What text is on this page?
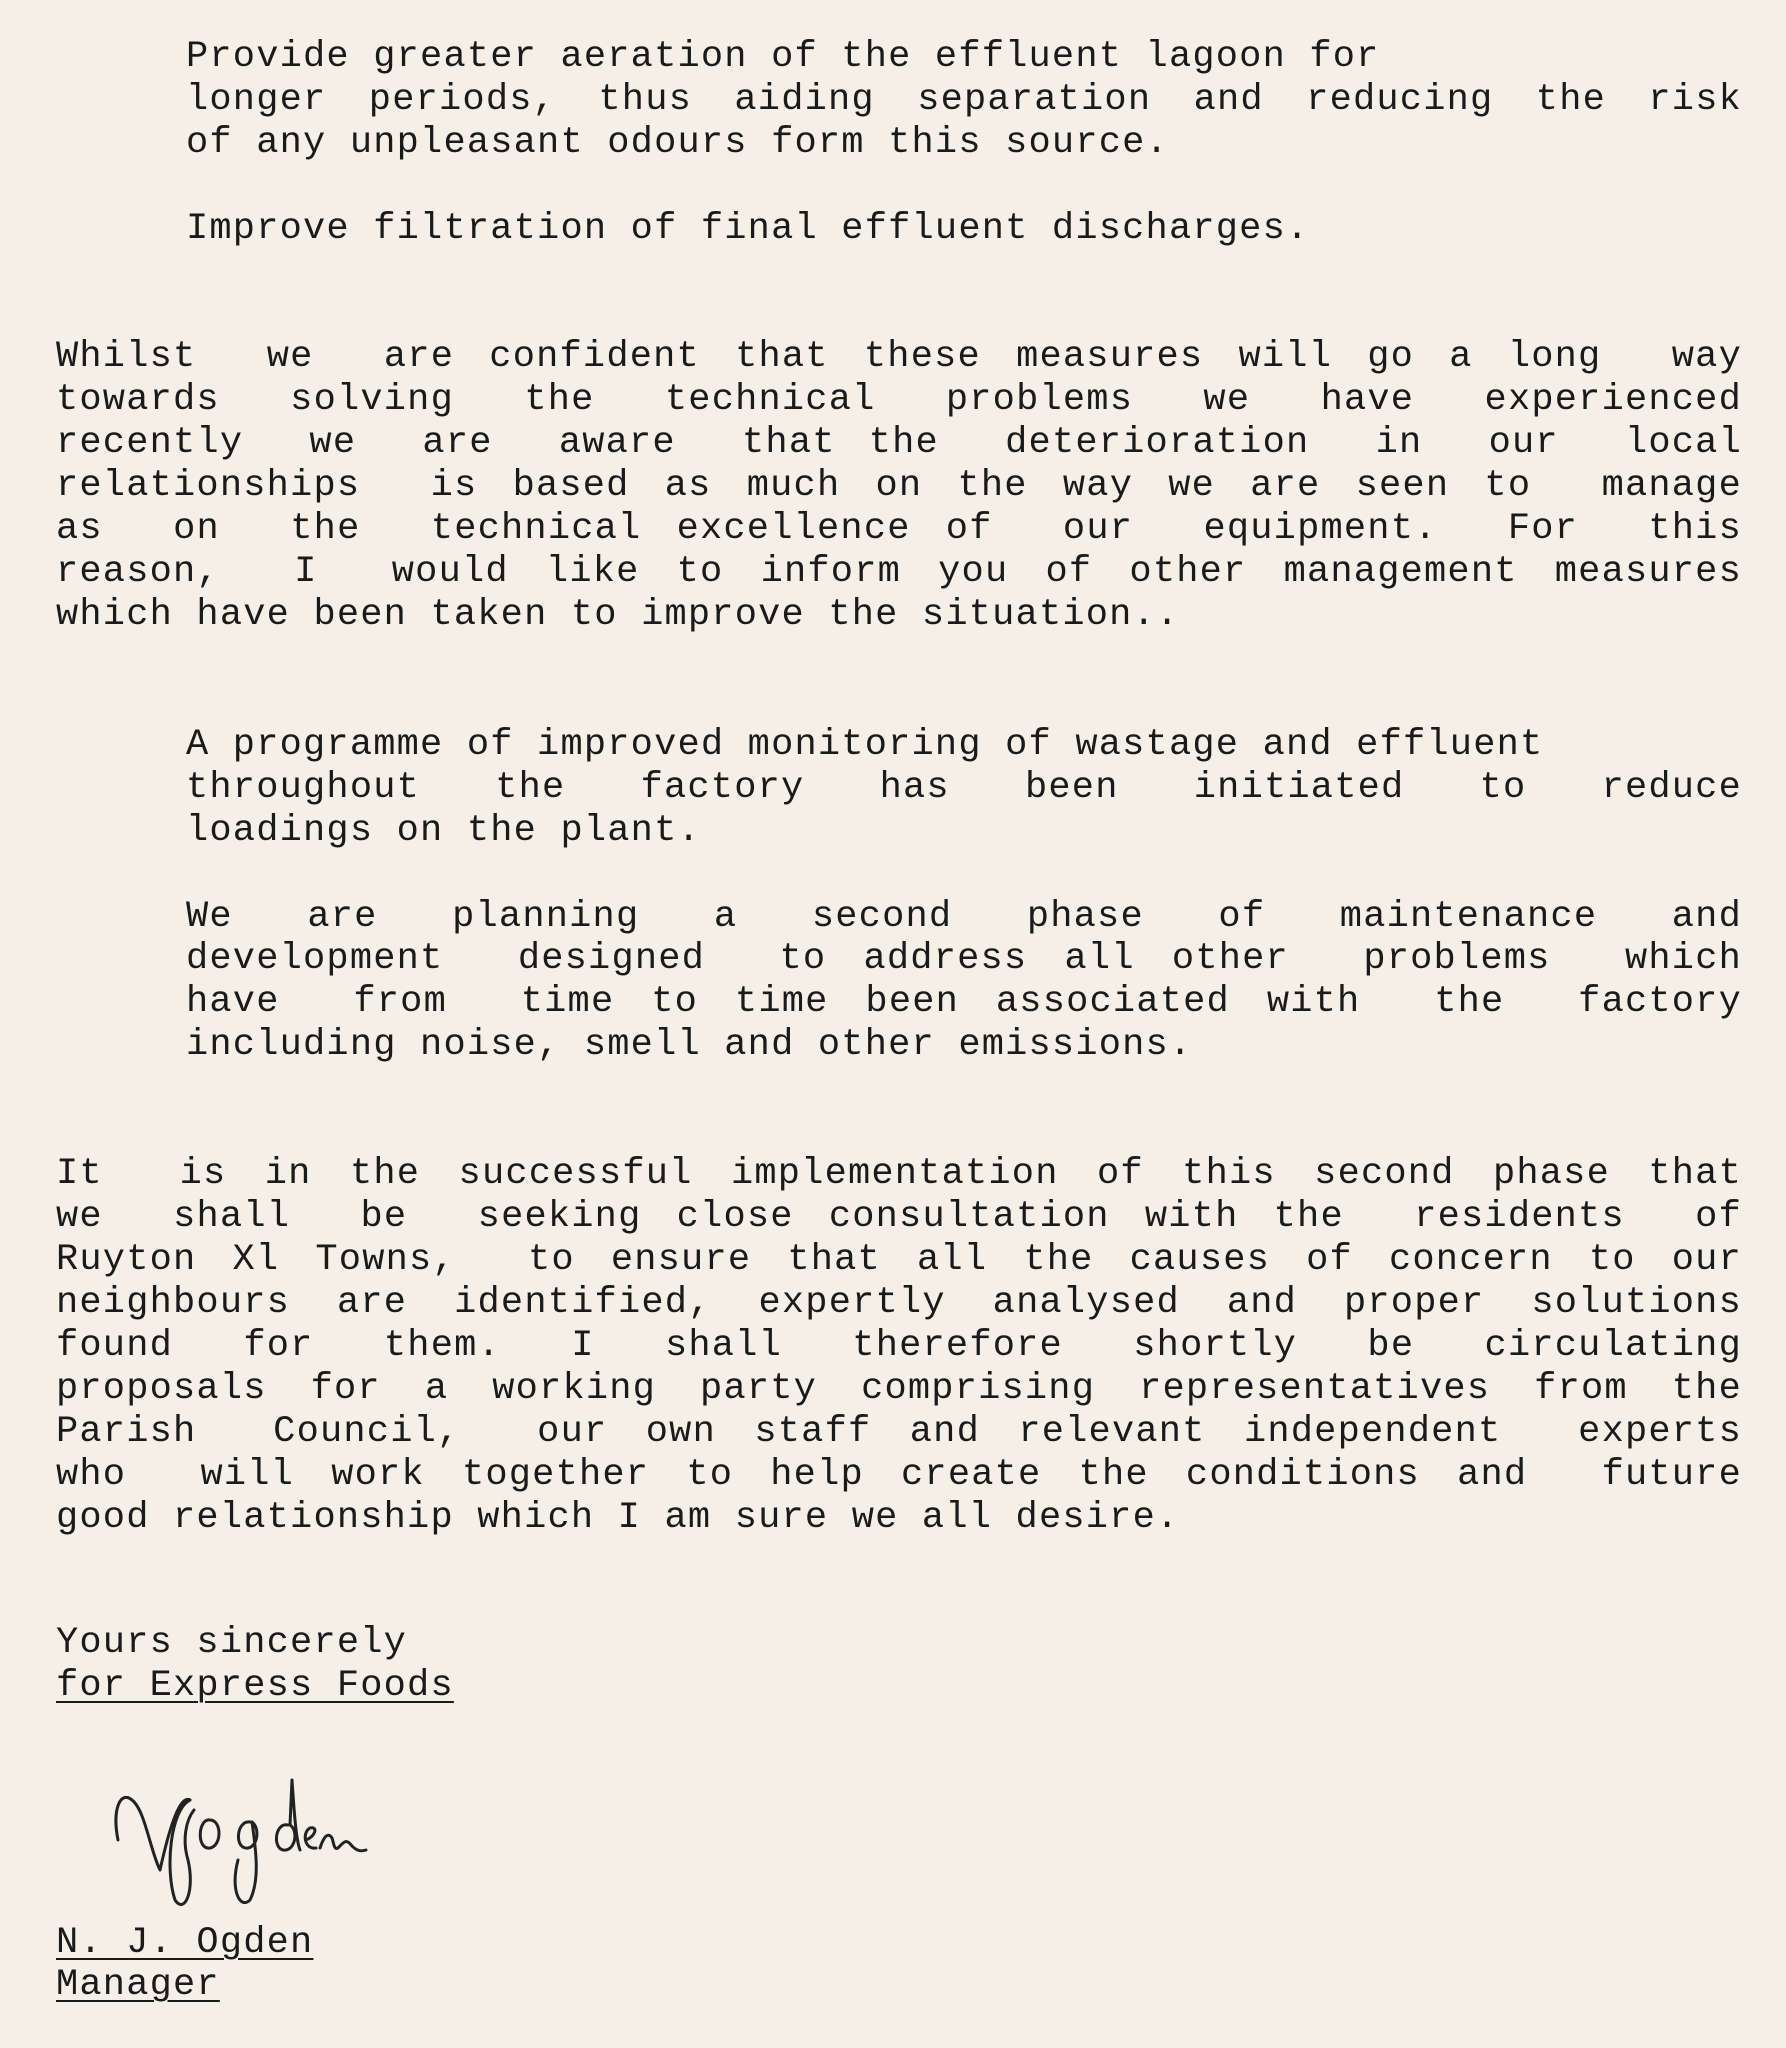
Provide greater aeration of the effluent lagoon for
longer periods, thus aiding separation and reducing the risk
of any unpleasant odours form this source.
Improve filtration of final effluent discharges.
Whilst  we  are confident that these measures will go a long  way
towards  solving  the  technical  problems  we  have  experienced
recently  we  are  aware  that the  deterioration  in  our  local
relationships  is based as much on the way we are seen to  manage
as  on  the  technical excellence of  our  equipment.  For  this
reason,  I  would like to inform you of other management measures
which have been taken to improve the situation..
A programme of improved monitoring of wastage and effluent
throughout  the  factory  has  been  initiated  to  reduce
loadings on the plant.
We  are  planning  a  second  phase  of  maintenance  and
development  designed  to address all other  problems  which
have  from  time to time been associated with  the  factory
including noise, smell and other emissions.
It  is in the successful implementation of this second phase that
we  shall  be  seeking close consultation with the  residents  of
Ruyton Xl Towns,  to ensure that all the causes of concern to our
neighbours are identified, expertly analysed and proper solutions
found  for  them.  I  shall  therefore  shortly  be  circulating
proposals for a working party comprising representatives from the
Parish  Council,  our own staff and relevant independent  experts
who  will work together to help create the conditions and  future
good relationship which I am sure we all desire.
Yours sincerely
for Express Foods
N. J. Ogden
Manager
